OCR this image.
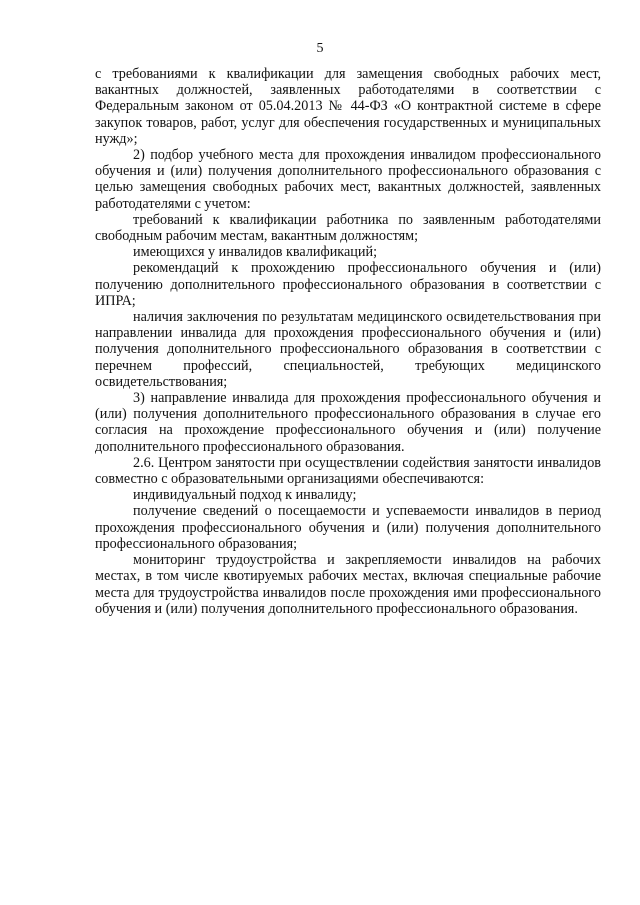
5

с требованиями к квалификации для замещения свободных рабочих мест, вакантных должностей, заявленных работодателями в соответствии с Федеральным законом от 05.04.2013 № 44-ФЗ «О контрактной системе в сфере закупок товаров, работ, услуг для обеспечения государственных и муниципальных нужд»;

2) подбор учебного места для прохождения инвалидом профессионального обучения и (или) получения дополнительного профессионального образования с целью замещения свободных рабочих мест, вакантных должностей, заявленных работодателями с учетом:

требований к квалификации работника по заявленным работодателями свободным рабочим местам, вакантным должностям;

имеющихся у инвалидов квалификаций;

рекомендаций к прохождению профессионального обучения и (или) получению дополнительного профессионального образования в соответствии с ИПРА;

наличия заключения по результатам медицинского освидетельствования при направлении инвалида для прохождения профессионального обучения и (или) получения дополнительного профессионального образования в соответствии с перечнем профессий, специальностей, требующих медицинского освидетельствования;

3) направление инвалида для прохождения профессионального обучения и (или) получения дополнительного профессионального образования в случае его согласия на прохождение профессионального обучения и (или) получение дополнительного профессионального образования.

2.6. Центром занятости при осуществлении содействия занятости инвалидов совместно с образовательными организациями обеспечиваются:

индивидуальный подход к инвалиду;

получение сведений о посещаемости и успеваемости инвалидов в период прохождения профессионального обучения и (или) получения дополнительного профессионального образования;

мониторинг трудоустройства и закрепляемости инвалидов на рабочих местах, в том числе квотируемых рабочих местах, включая специальные рабочие места для трудоустройства инвалидов после прохождения ими профессионального обучения и (или) получения дополнительного профессионального образования.
